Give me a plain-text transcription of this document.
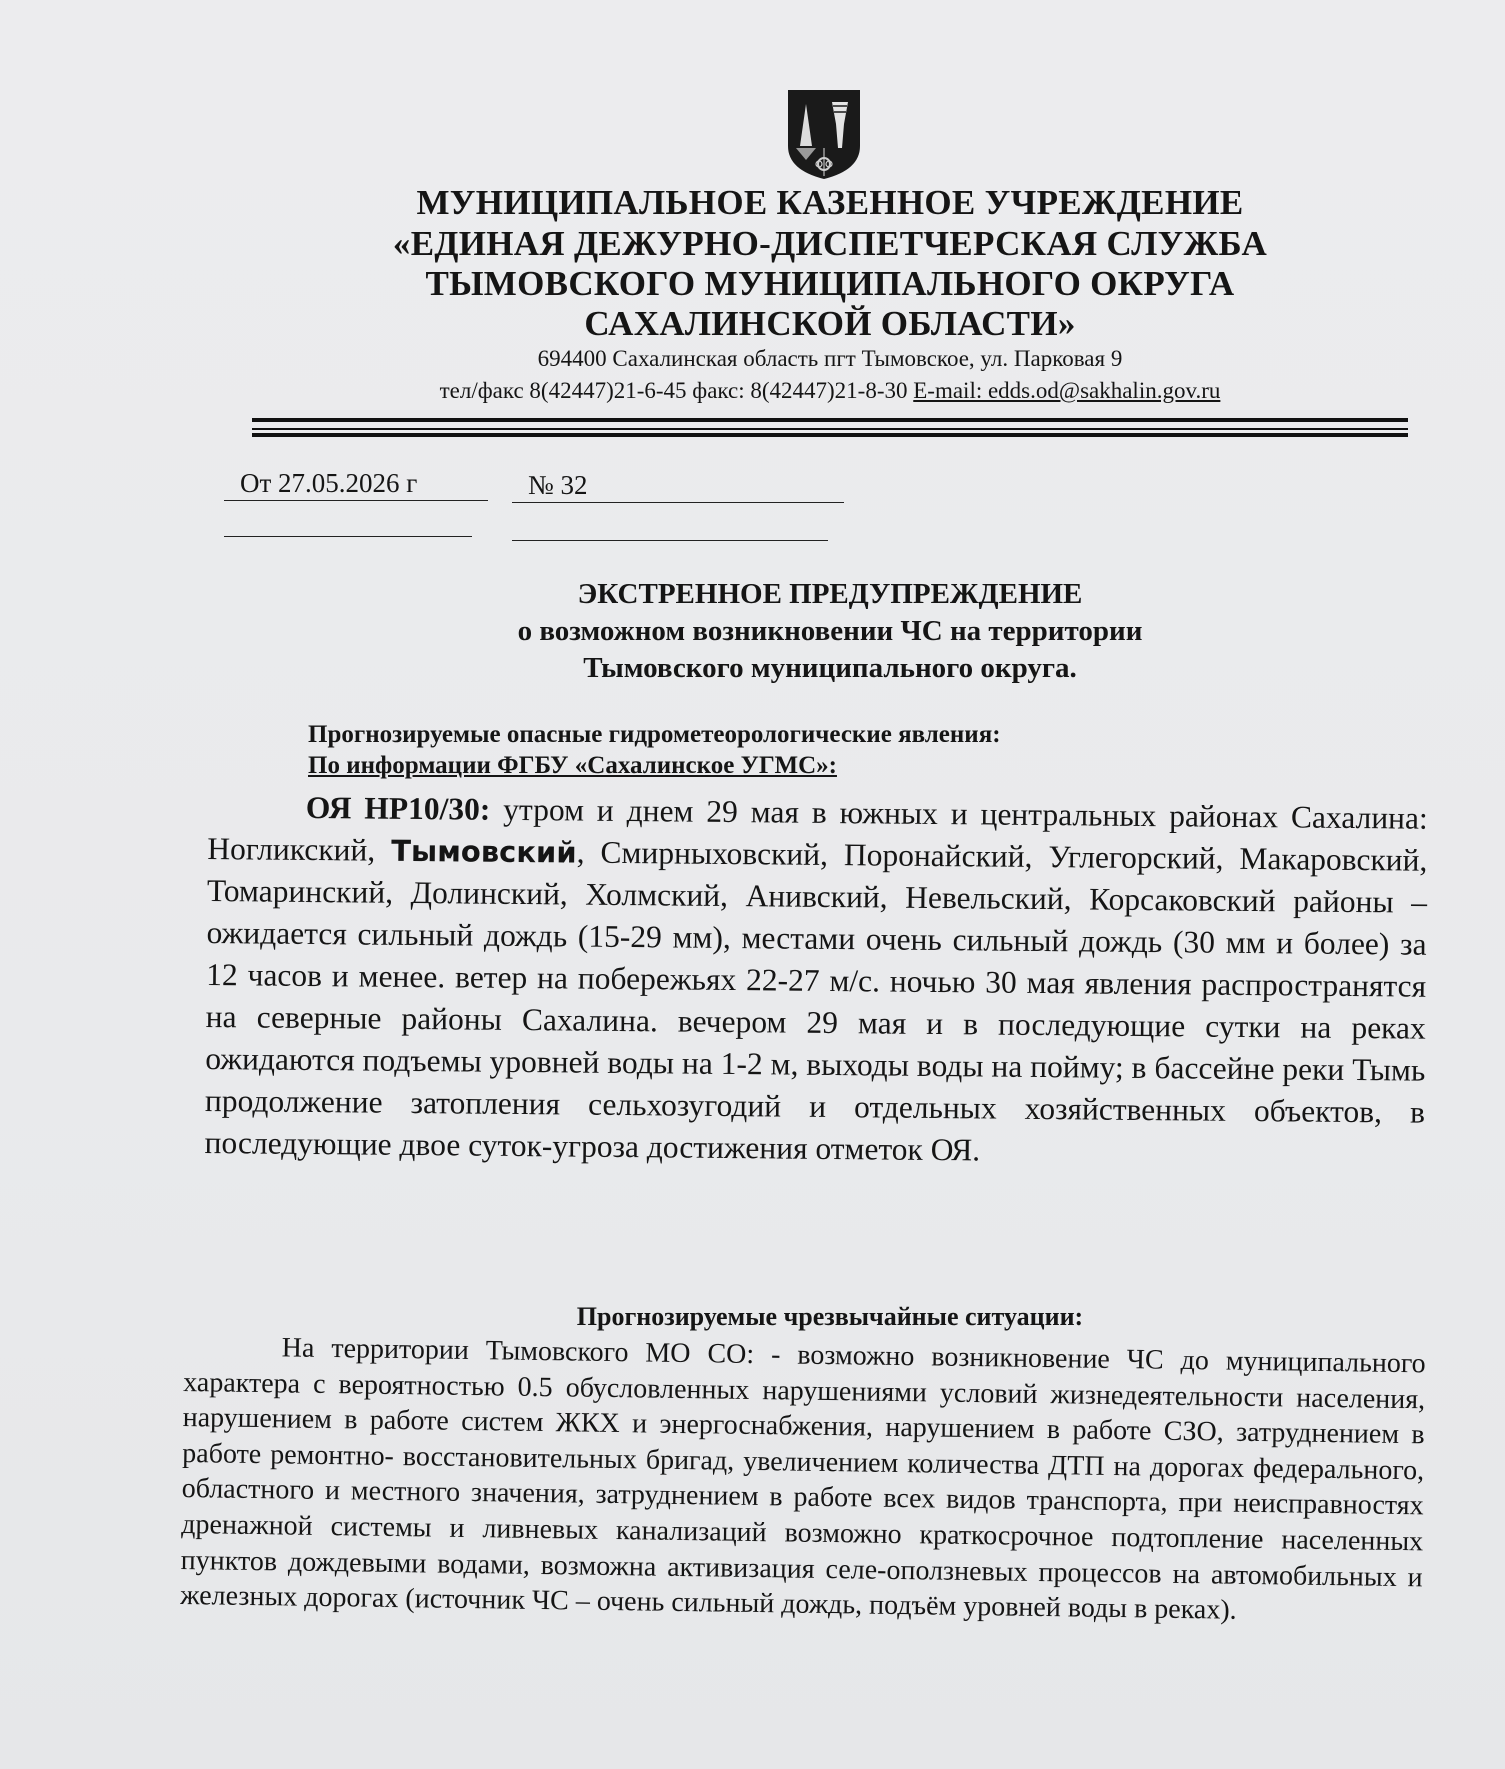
МУНИЦИПАЛЬНОЕ КАЗЕННОЕ УЧРЕЖДЕНИЕ
«ЕДИНАЯ ДЕЖУРНО-ДИСПЕТЧЕРСКАЯ СЛУЖБА
ТЫМОВСКОГО МУНИЦИПАЛЬНОГО ОКРУГА
САХАЛИНСКОЙ ОБЛАСТИ»
694400 Сахалинская область пгт Тымовское, ул. Парковая 9
тел/факс 8(42447)21-6-45 факс: 8(42447)21-8-30 E-mail: edds.od@sakhalin.gov.ru
От 27.05.2026 г	№ 32
ЭКСТРЕННОЕ ПРЕДУПРЕЖДЕНИЕ
о возможном возникновении ЧС на территории
Тымовского муниципального округа.
Прогнозируемые опасные гидрометеорологические явления:
По информации ФГБУ «Сахалинское УГМС»:
ОЯ НР10/30: утром и днем 29 мая в южных и центральных районах Сахалина: Ногликский, Тымовский, Смирныховский, Поронайский, Углегорский, Макаровский, Томаринский, Долинский, Холмский, Анивский, Невельский, Корсаковский районы – ожидается сильный дождь (15-29 мм), местами очень сильный дождь (30 мм и более) за 12 часов и менее. ветер на побережьях 22-27 м/с. ночью 30 мая явления распространятся на северные районы Сахалина. вечером 29 мая и в последующие сутки на реках ожидаются подъемы уровней воды на 1-2 м, выходы воды на пойму; в бассейне реки Тымь продолжение затопления сельхозугодий и отдельных хозяйственных объектов, в последующие двое суток-угроза достижения отметок ОЯ.
Прогнозируемые чрезвычайные ситуации:
На территории Тымовского МО СО: - возможно возникновение ЧС до муниципального характера с вероятностью 0.5 обусловленных нарушениями условий жизнедеятельности населения, нарушением в работе систем ЖКХ и энергоснабжения, нарушением в работе СЗО, затруднением в работе ремонтно- восстановительных бригад, увеличением количества ДТП на дорогах федерального, областного и местного значения, затруднением в работе всех видов транспорта, при неисправностях дренажной системы и ливневых канализаций возможно краткосрочное подтопление населенных пунктов дождевыми водами, возможна активизация селе-оползневых процессов на автомобильных и железных дорогах (источник ЧС – очень сильный дождь, подъём уровней воды в реках).
